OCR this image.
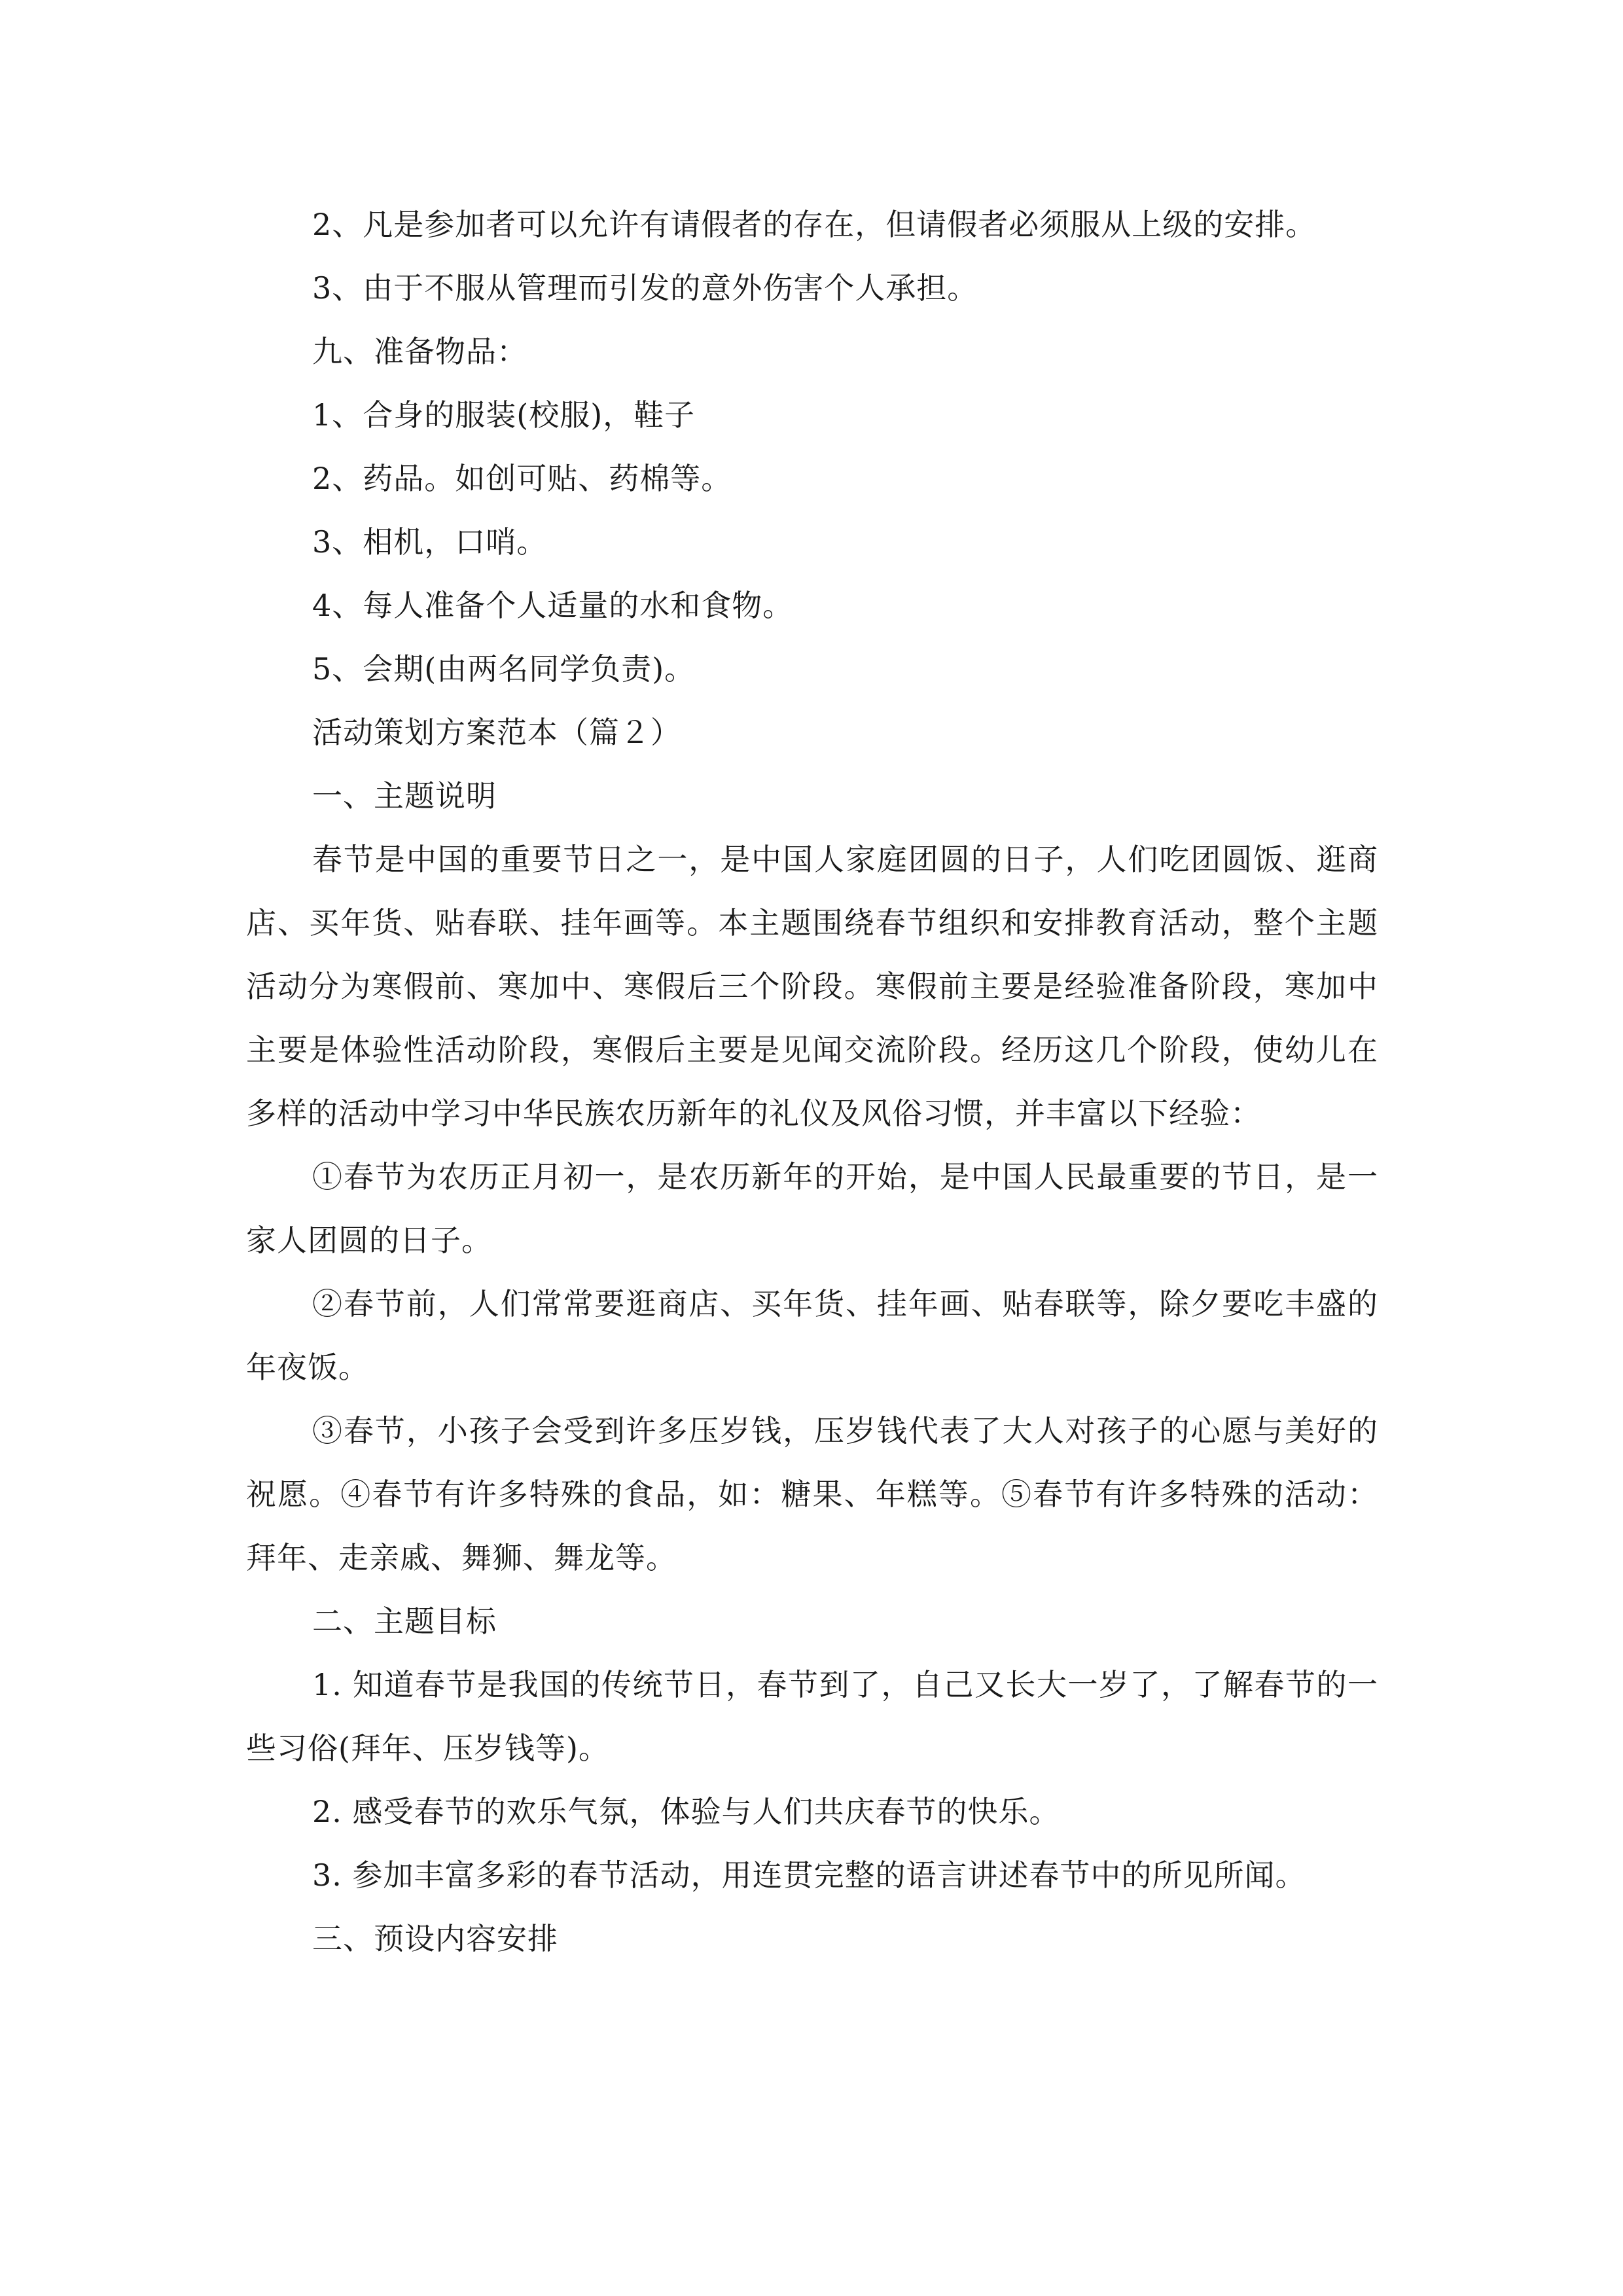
2、凡是参加者可以允许有请假者的存在，但请假者必须服从上级的安排。

3、由于不服从管理而引发的意外伤害个人承担。

九、准备物品：

1、合身的服装(校服)，鞋子

2、药品。如创可贴、药棉等。

3、相机，口哨。

4、每人准备个人适量的水和食物。

5、会期(由两名同学负责)。

活动策划方案范本（篇２）

一、主题说明

春节是中国的重要节日之一，是中国人家庭团圆的日子，人们吃团圆饭、逛商店、买年货、贴春联、挂年画等。本主题围绕春节组织和安排教育活动，整个主题活动分为寒假前、寒加中、寒假后三个阶段。寒假前主要是经验准备阶段，寒加中主要是体验性活动阶段，寒假后主要是见闻交流阶段。经历这几个阶段，使幼儿在多样的活动中学习中华民族农历新年的礼仪及风俗习惯，并丰富以下经验：

①春节为农历正月初一，是农历新年的开始，是中国人民最重要的节日，是一家人团圆的日子。

②春节前，人们常常要逛商店、买年货、挂年画、贴春联等，除夕要吃丰盛的年夜饭。

③春节，小孩子会受到许多压岁钱，压岁钱代表了大人对孩子的心愿与美好的祝愿。④春节有许多特殊的食品，如：糖果、年糕等。⑤春节有许多特殊的活动：拜年、走亲戚、舞狮、舞龙等。

二、主题目标

1. 知道春节是我国的传统节日，春节到了，自己又长大一岁了，了解春节的一些习俗(拜年、压岁钱等)。

2. 感受春节的欢乐气氛，体验与人们共庆春节的快乐。

3. 参加丰富多彩的春节活动，用连贯完整的语言讲述春节中的所见所闻。

三、预设内容安排
